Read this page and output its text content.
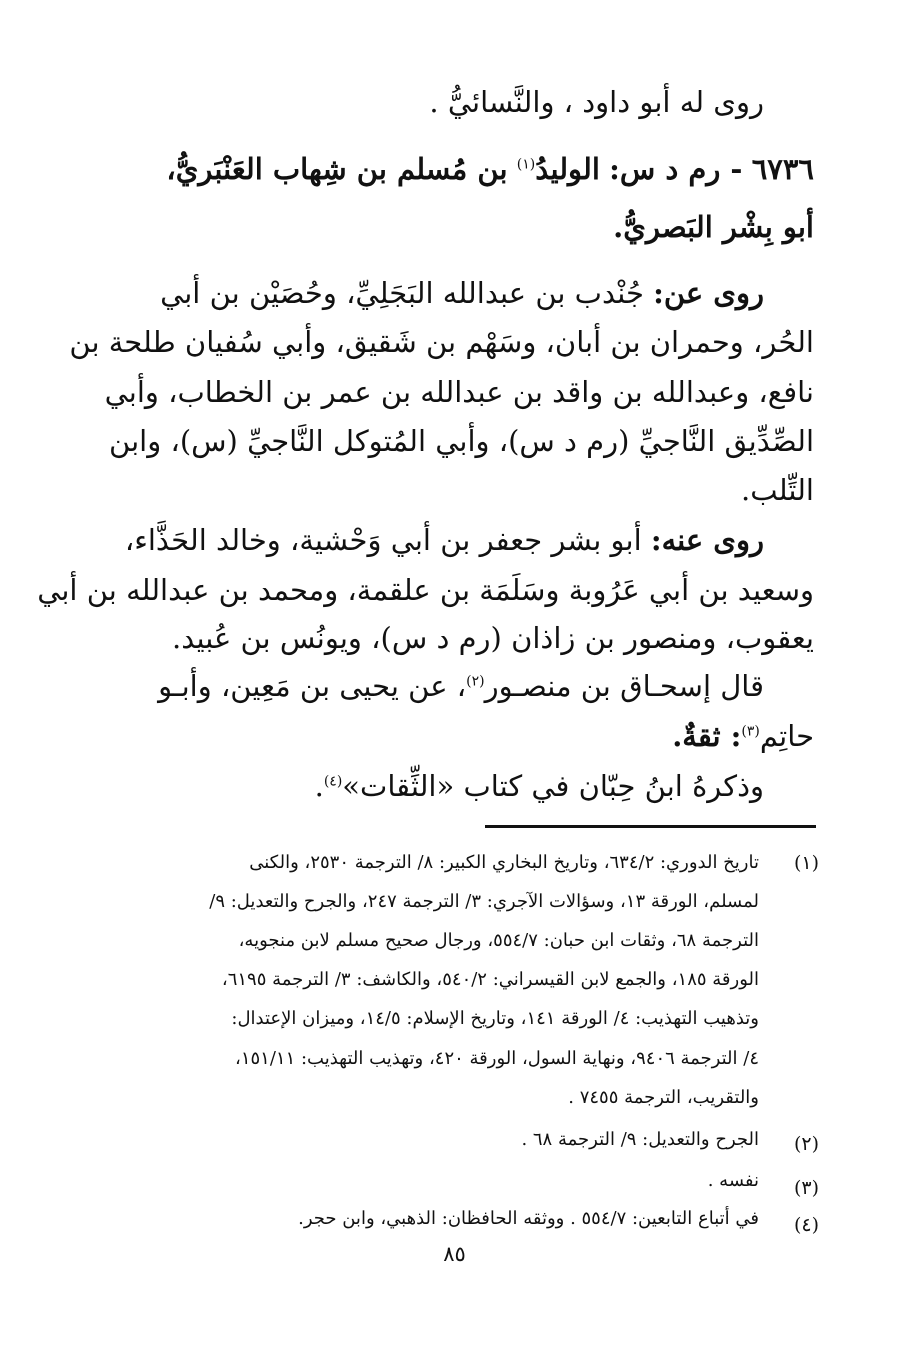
روى له أبو داود ، والنَّسائيُّ .
٦٧٣٦ - رم د س: الوليدُ$^{(١)}$ بن مُسلم بن شِهاب العَنْبَريُّ،
أبو بِشْر البَصريُّ.
روى عن: جُنْدب بن عبدالله البَجَلِيِّ، وحُصَيْن بن أبي
الحُر، وحمران بن أبان، وسَهْم بن شَقيق، وأبي سُفيان طلحة بن
نافع، وعبدالله بن واقد بن عبدالله بن عمر بن الخطاب، وأبي
الصِّدِّيق النَّاجيِّ (رم د س)، وأبي المُتوكل النَّاجيِّ (س)، وابن
التِّلب.
روى عنه: أبو بشر جعفر بن أبي وَحْشية، وخالد الحَذَّاء،
وسعيد بن أبي عَرُوبة وسَلَمَة بن علقمة، ومحمد بن عبدالله بن أبي
يعقوب، ومنصور بن زاذان (رم د س)، ويونُس بن عُبيد.
قال إسحـاق بن منصـور$^{(٢)}$، عن يحيى بن مَعِين، وأبـو
حاتِم$^{(٣)}$: ثقةٌ.
وذكرهُ ابنُ حِبّان في كتاب «الثِّقات»$^{(٤)}$.
(١)
تاريخ الدوري: ٦٣٤/٢، وتاريخ البخاري الكبير: ٨/ الترجمة ٢٥٣٠، والكنى
لمسلم، الورقة ١٣، وسؤالات الآجري: ٣/ الترجمة ٢٤٧، والجرح والتعديل: ٩/
الترجمة ٦٨، وثقات ابن حبان: ٥٥٤/٧، ورجال صحيح مسلم لابن منجويه،
الورقة ١٨٥، والجمع لابن القيسراني: ٥٤٠/٢، والكاشف: ٣/ الترجمة ٦١٩٥،
وتذهيب التهذيب: ٤/ الورقة ١٤١، وتاريخ الإسلام: ١٤/٥، وميزان الإعتدال:
٤/ الترجمة ٩٤٠٦، ونهاية السول، الورقة ٤٢٠، وتهذيب التهذيب: ١٥١/١١،
والتقريب، الترجمة ٧٤٥٥ .
(٢)
الجرح والتعديل: ٩/ الترجمة ٦٨ .
(٣)
نفسه .
(٤)
في أتباع التابعين: ٥٥٤/٧ . ووثقه الحافظان: الذهبي، وابن حجر.
٨٥
